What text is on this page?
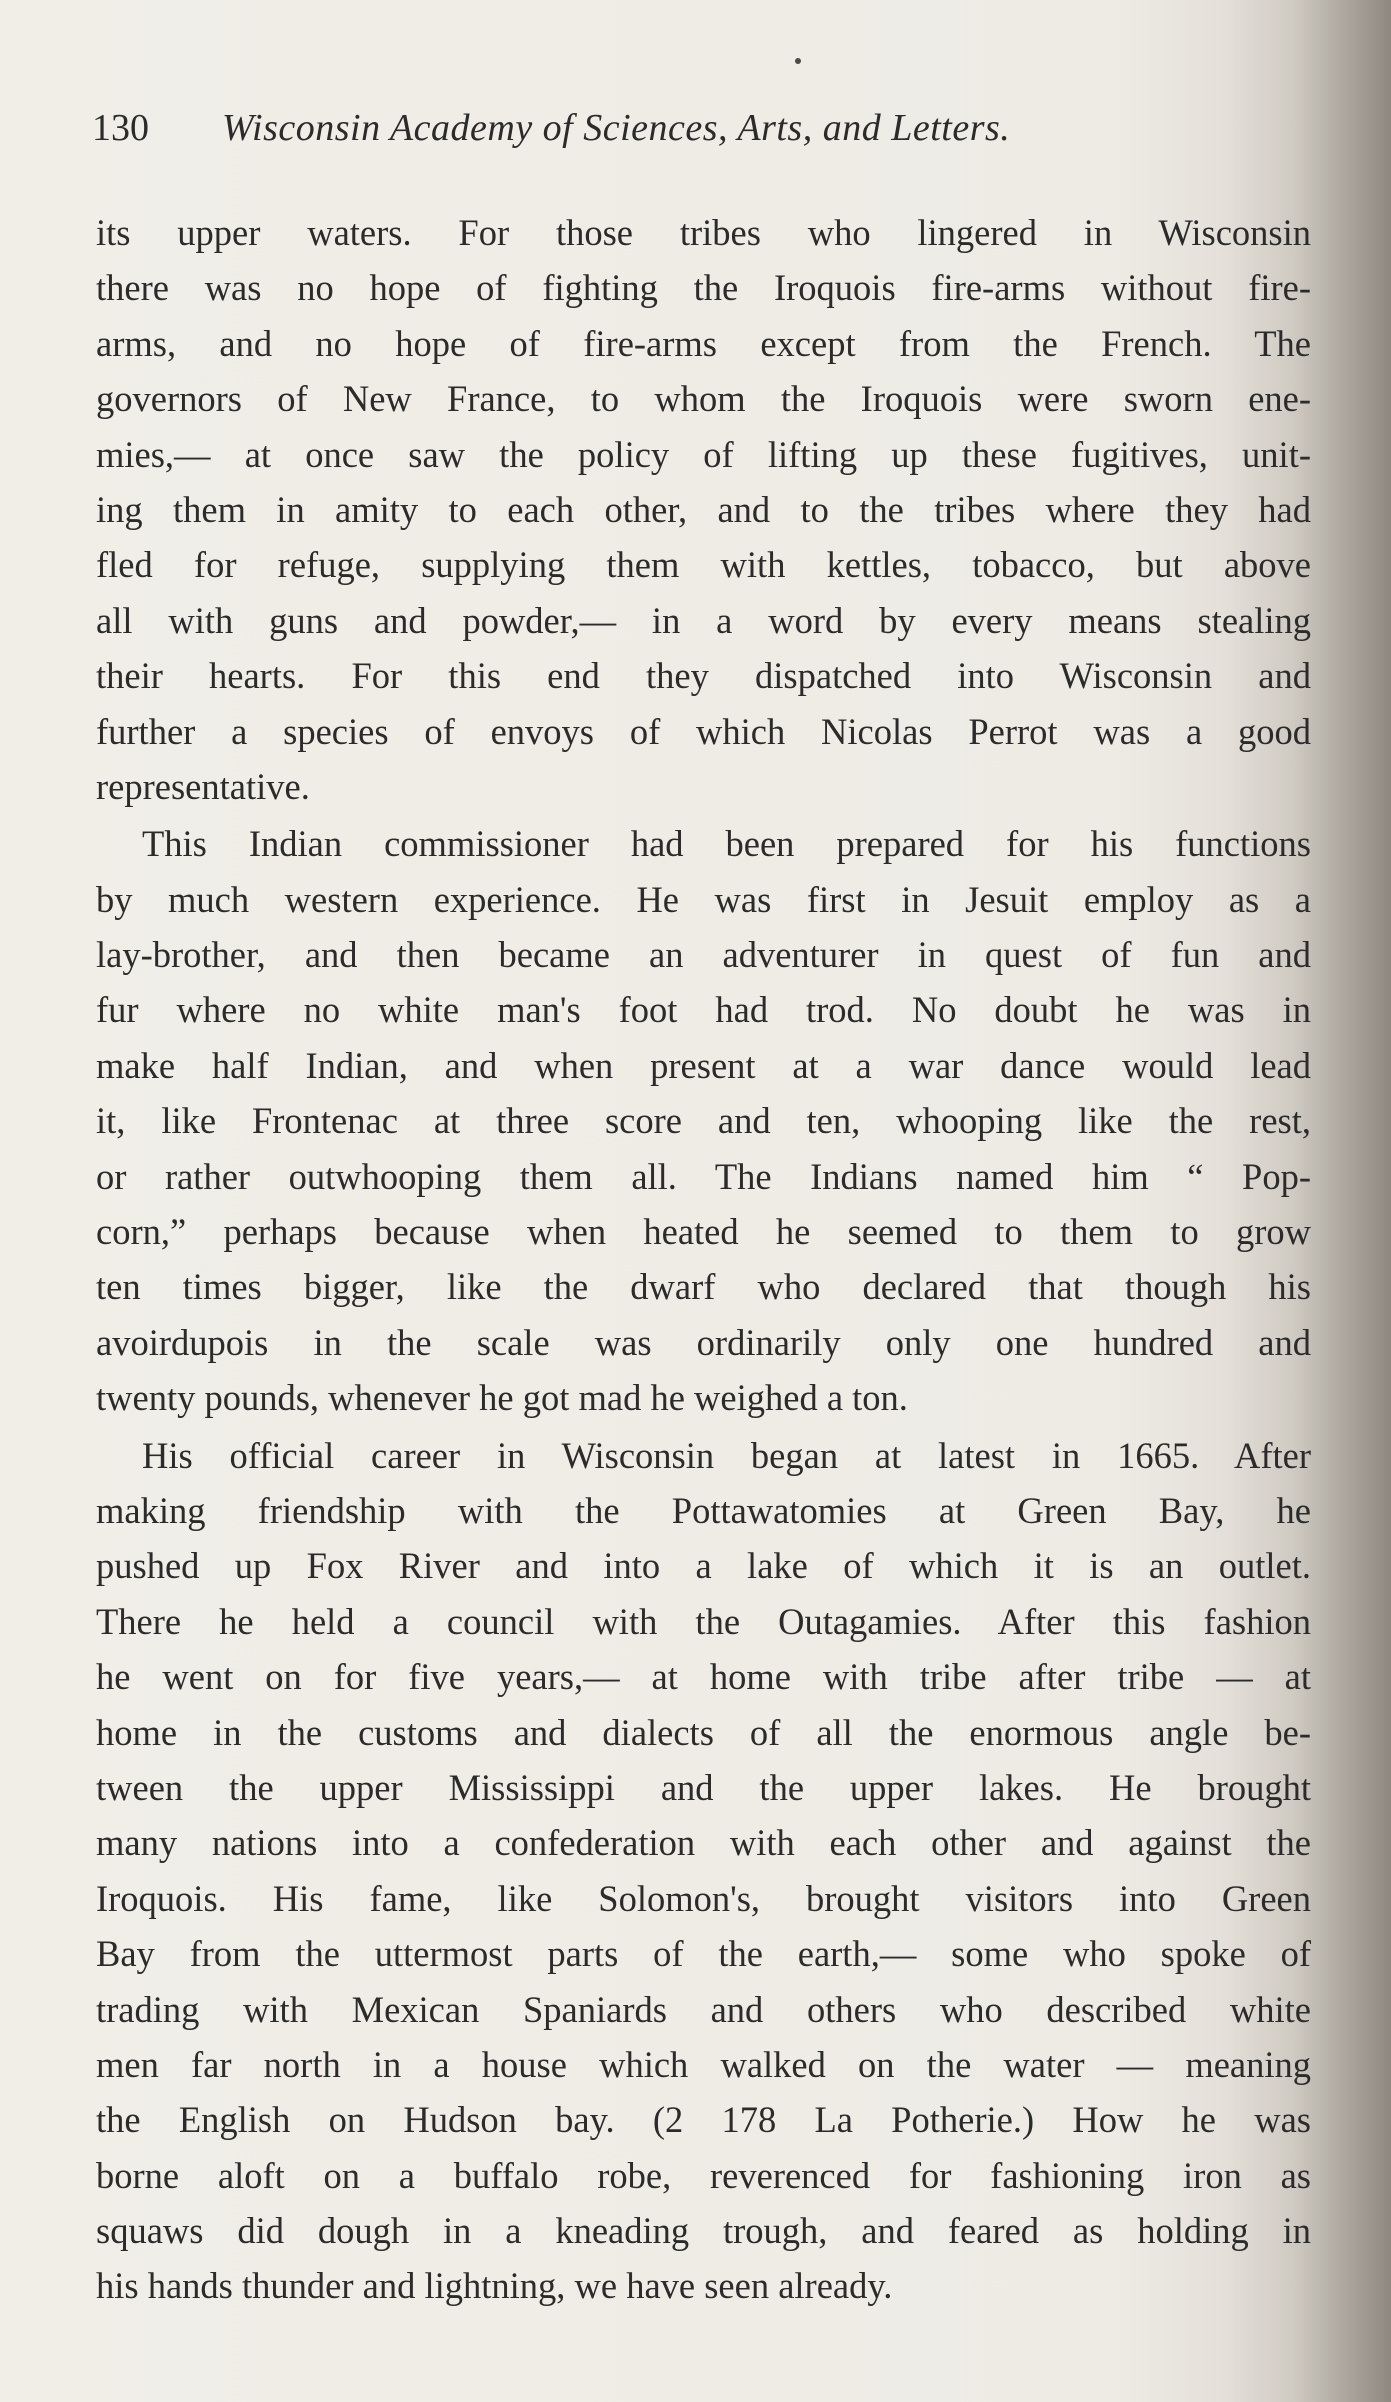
130 Wisconsin Academy of Sciences, Arts, and Letters.
its upper waters. For those tribes who lingered in Wisconsin
there was no hope of fighting the Iroquois fire-arms without fire-
arms, and no hope of fire-arms except from the French. The
governors of New France, to whom the Iroquois were sworn ene-
mies,— at once saw the policy of lifting up these fugitives, unit-
ing them in amity to each other, and to the tribes where they had
fled for refuge, supplying them with kettles, tobacco, but above
all with guns and powder,— in a word by every means stealing
their hearts. For this end they dispatched into Wisconsin and
further a species of envoys of which Nicolas Perrot was a good
representative.
This Indian commissioner had been prepared for his functions
by much western experience. He was first in Jesuit employ as a
lay-brother, and then became an adventurer in quest of fun and
fur where no white man's foot had trod. No doubt he was in
make half Indian, and when present at a war dance would lead
it, like Frontenac at three score and ten, whooping like the rest,
or rather outwhooping them all. The Indians named him “ Pop-
corn,” perhaps because when heated he seemed to them to grow
ten times bigger, like the dwarf who declared that though his
avoirdupois in the scale was ordinarily only one hundred and
twenty pounds, whenever he got mad he weighed a ton.
His official career in Wisconsin began at latest in 1665. After
making friendship with the Pottawatomies at Green Bay, he
pushed up Fox River and into a lake of which it is an outlet.
There he held a council with the Outagamies. After this fashion
he went on for five years,— at home with tribe after tribe — at
home in the customs and dialects of all the enormous angle be-
tween the upper Mississippi and the upper lakes. He brought
many nations into a confederation with each other and against the
Iroquois. His fame, like Solomon's, brought visitors into Green
Bay from the uttermost parts of the earth,— some who spoke of
trading with Mexican Spaniards and others who described white
men far north in a house which walked on the water — meaning
the English on Hudson bay. (2 178 La Potherie.) How he was
borne aloft on a buffalo robe, reverenced for fashioning iron as
squaws did dough in a kneading trough, and feared as holding in
his hands thunder and lightning, we have seen already.
